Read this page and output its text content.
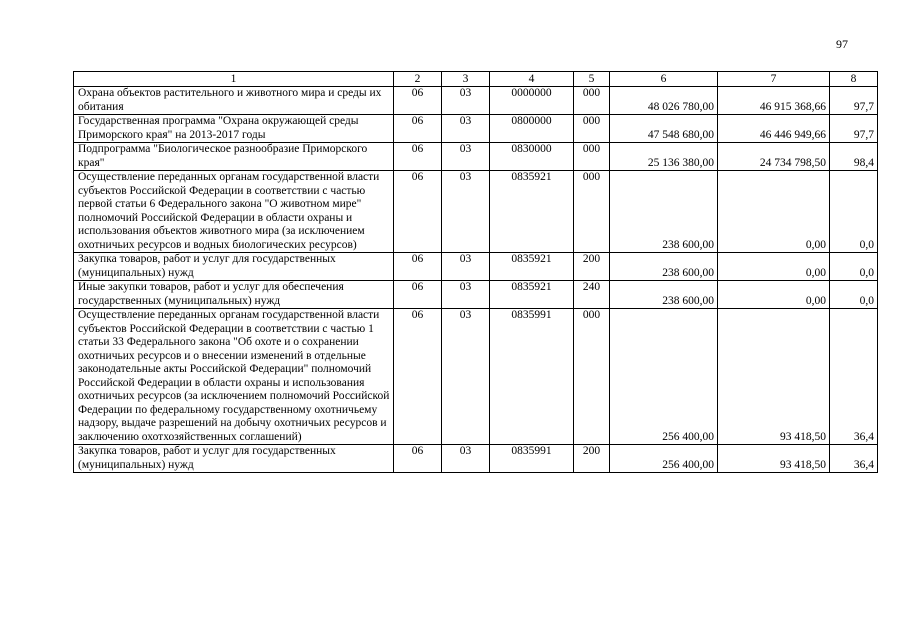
97
1	2	3	4	5	6	7	8
Охрана объектов растительного и животного мира и среды их обитания	06	03	0000000	000	48 026 780,00	46 915 368,66	97,7
Государственная программа "Охрана окружающей среды Приморского края" на 2013-2017 годы	06	03	0800000	000	47 548 680,00	46 446 949,66	97,7
Подпрограмма "Биологическое разнообразие Приморского края"	06	03	0830000	000	25 136 380,00	24 734 798,50	98,4
Осуществление переданных органам государственной власти субъектов Российской Федерации в соответствии с частью первой статьи 6 Федерального закона "О животном мире" полномочий Российской Федерации в области охраны и использования объектов животного мира (за исключением охотничьих ресурсов и водных биологических ресурсов)	06	03	0835921	000	238 600,00	0,00	0,0
Закупка товаров, работ и услуг для государственных (муниципальных) нужд	06	03	0835921	200	238 600,00	0,00	0,0
Иные закупки товаров, работ и услуг для обеспечения государственных (муниципальных) нужд	06	03	0835921	240	238 600,00	0,00	0,0
Осуществление переданных органам государственной власти субъектов Российской Федерации в соответствии с частью 1 статьи 33 Федерального закона "Об охоте и о сохранении охотничьих ресурсов и о внесении изменений в отдельные законодательные акты Российской Федерации" полномочий Российской Федерации в области охраны и использования охотничьих ресурсов (за исключением полномочий Российской Федерации по федеральному государственному охотничьему надзору, выдаче разрешений на добычу охотничьих ресурсов и заключению охотхозяйственных соглашений)	06	03	0835991	000	256 400,00	93 418,50	36,4
Закупка товаров, работ и услуг для государственных (муниципальных) нужд	06	03	0835991	200	256 400,00	93 418,50	36,4
